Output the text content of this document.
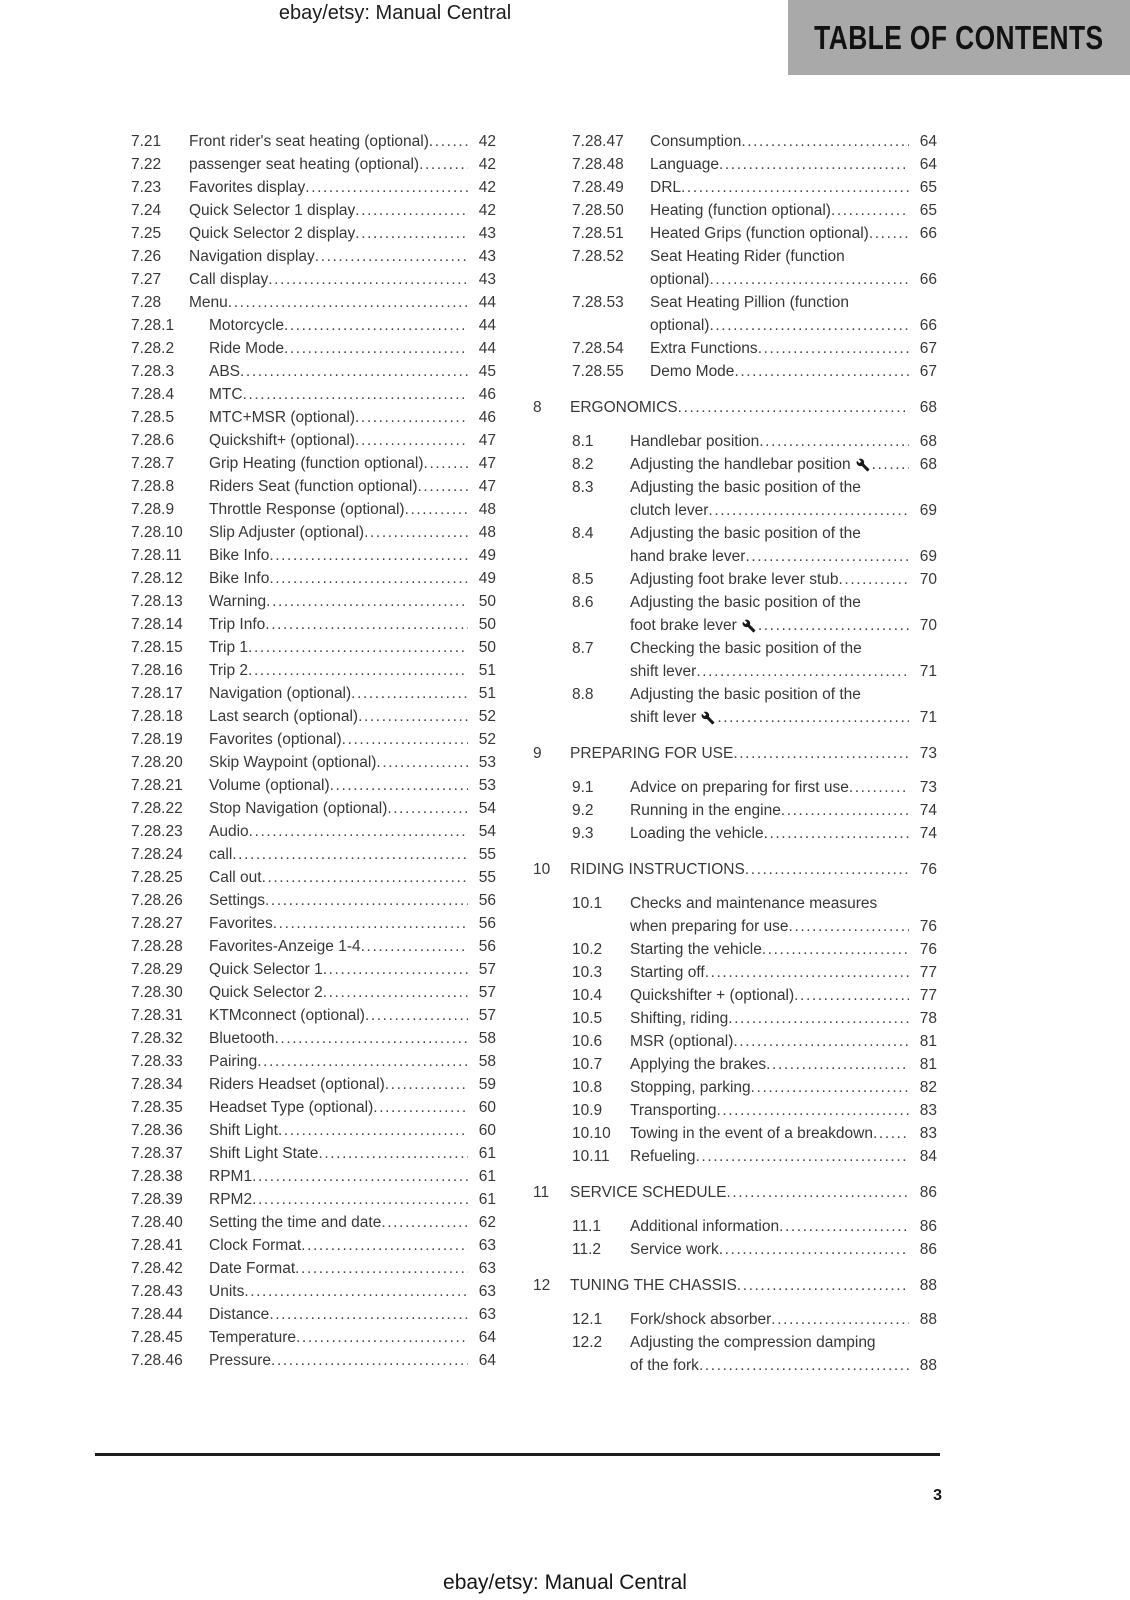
ebay/etsy: Manual Central
TABLE OF CONTENTS
7.21	Front rider's seat heating (optional) .....	42
7.22	passenger seat heating (optional) .....	42
7.23	Favorites display .....	42
7.24	Quick Selector 1 display .....	42
7.25	Quick Selector 2 display .....	43
7.26	Navigation display .....	43
7.27	Call display .....	43
7.28	Menu .....	44
7.28.1	Motorcycle .....	44
7.28.2	Ride Mode .....	44
7.28.3	ABS .....	45
7.28.4	MTC .....	46
7.28.5	MTC+MSR (optional) .....	46
7.28.6	Quickshift+ (optional) .....	47
7.28.7	Grip Heating (function optional) .....	47
7.28.8	Riders Seat (function optional) .....	47
7.28.9	Throttle Response (optional) .....	48
7.28.10	Slip Adjuster (optional) .....	48
7.28.11	Bike Info .....	49
7.28.12	Bike Info .....	49
7.28.13	Warning .....	50
7.28.14	Trip Info .....	50
7.28.15	Trip 1 .....	50
7.28.16	Trip 2 .....	51
7.28.17	Navigation (optional) .....	51
7.28.18	Last search (optional) .....	52
7.28.19	Favorites (optional) .....	52
7.28.20	Skip Waypoint (optional) .....	53
7.28.21	Volume (optional) .....	53
7.28.22	Stop Navigation (optional) .....	54
7.28.23	Audio .....	54
7.28.24	call .....	55
7.28.25	Call out .....	55
7.28.26	Settings .....	56
7.28.27	Favorites .....	56
7.28.28	Favorites-Anzeige 1-4 .....	56
7.28.29	Quick Selector 1 .....	57
7.28.30	Quick Selector 2 .....	57
7.28.31	KTMconnect (optional) .....	57
7.28.32	Bluetooth .....	58
7.28.33	Pairing .....	58
7.28.34	Riders Headset (optional) .....	59
7.28.35	Headset Type (optional) .....	60
7.28.36	Shift Light .....	60
7.28.37	Shift Light State .....	61
7.28.38	RPM1 .....	61
7.28.39	RPM2 .....	61
7.28.40	Setting the time and date .....	62
7.28.41	Clock Format .....	63
7.28.42	Date Format .....	63
7.28.43	Units .....	63
7.28.44	Distance .....	63
7.28.45	Temperature .....	64
7.28.46	Pressure .....	64
7.28.47	Consumption .....	64
7.28.48	Language .....	64
7.28.49	DRL .....	65
7.28.50	Heating (function optional) .....	65
7.28.51	Heated Grips (function optional) .....	66
7.28.52	Seat Heating Rider (function
optional) .....	66
7.28.53	Seat Heating Pillion (function
optional) .....	66
7.28.54	Extra Functions .....	67
7.28.55	Demo Mode .....	67
8	ERGONOMICS .....	68
8.1	Handlebar position .....	68
8.2	Adjusting the handlebar position .....	68
8.3	Adjusting the basic position of the
clutch lever .....	69
8.4	Adjusting the basic position of the
hand brake lever .....	69
8.5	Adjusting foot brake lever stub .....	70
8.6	Adjusting the basic position of the
foot brake lever .....	70
8.7	Checking the basic position of the
shift lever .....	71
8.8	Adjusting the basic position of the
shift lever .....	71
9	PREPARING FOR USE .....	73
9.1	Advice on preparing for first use .....	73
9.2	Running in the engine .....	74
9.3	Loading the vehicle .....	74
10	RIDING INSTRUCTIONS .....	76
10.1	Checks and maintenance measures
when preparing for use .....	76
10.2	Starting the vehicle .....	76
10.3	Starting off .....	77
10.4	Quickshifter + (optional) .....	77
10.5	Shifting, riding .....	78
10.6	MSR (optional) .....	81
10.7	Applying the brakes .....	81
10.8	Stopping, parking .....	82
10.9	Transporting .....	83
10.10	Towing in the event of a breakdown .....	83
10.11	Refueling .....	84
11	SERVICE SCHEDULE .....	86
11.1	Additional information .....	86
11.2	Service work .....	86
12	TUNING THE CHASSIS .....	88
12.1	Fork/shock absorber .....	88
12.2	Adjusting the compression damping
of the fork .....	88
3
ebay/etsy: Manual Central
